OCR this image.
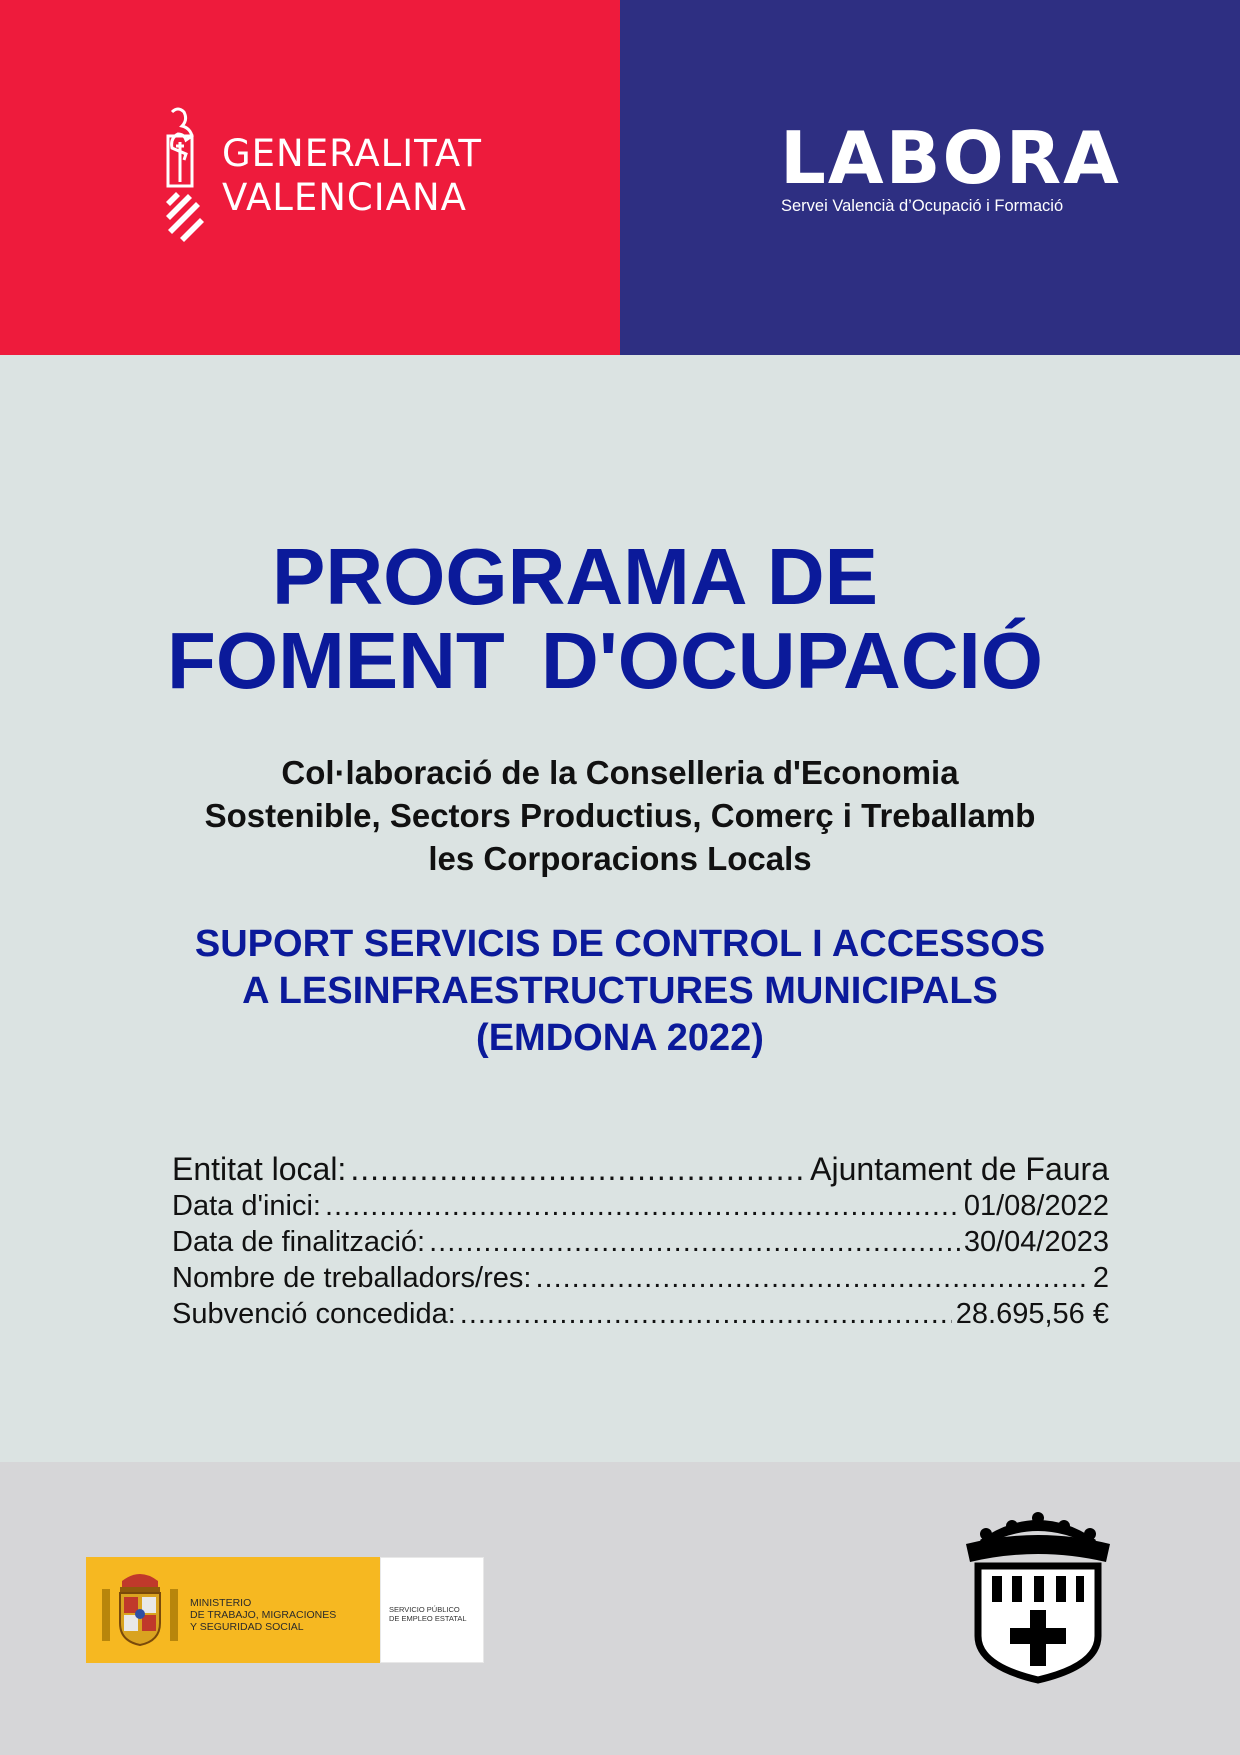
GENERALITAT
VALENCIANA	LABORA
Servei Valencià d’Ocupació i Formació
PROGRAMA DE
FOMENT D'OCUPACIÓ
Col·laboració de la Conselleria d'Economia
Sostenible, Sectors Productius, Comerç i Treballamb
les Corporacions Locals
SUPORT SERVICIS DE CONTROL I ACCESSOS
A LESINFRAESTRUCTURES MUNICIPALS
(EMDONA 2022)
Entitat local: .....	Ajuntament de Faura
Data d'inici: .....	01/08/2022
Data de finalització: .....	30/04/2023
Nombre de treballadors/res: .....	2
Subvenció concedida: .....	28.695,56 €
MINISTERIO
DE TRABAJO, MIGRACIONES
Y SEGURIDAD SOCIAL
SERVICIO PÚBLICO
DE EMPLEO ESTATAL
